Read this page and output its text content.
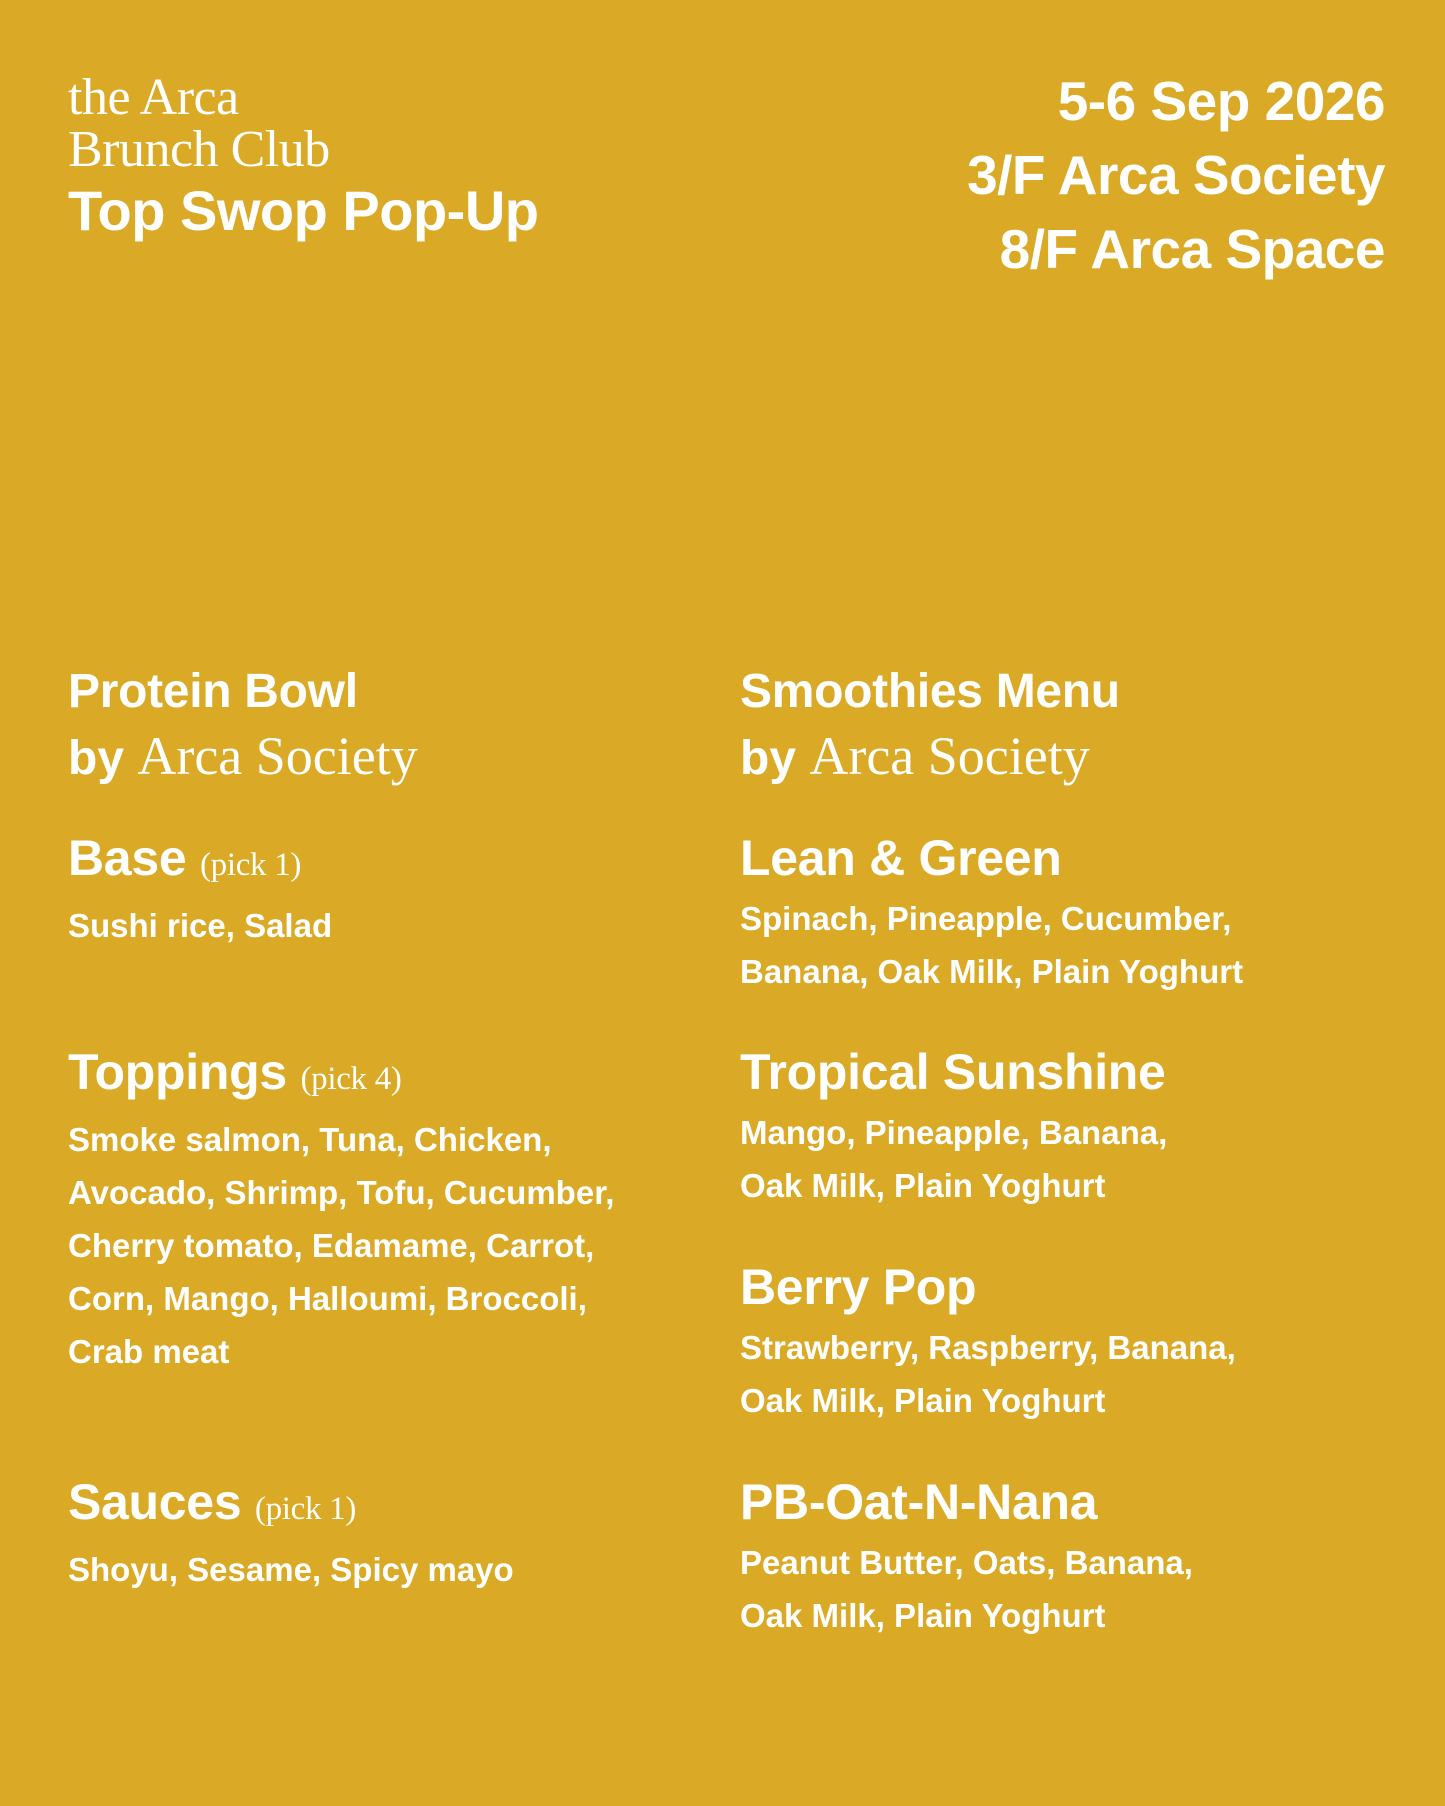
the Arca
Brunch Club
Top Swop Pop-Up
5-6 Sep 2026
3/F Arca Society
8/F Arca Space
Protein Bowl
by Arca Society
Base (pick 1)
Sushi rice, Salad
Toppings (pick 4)
Smoke salmon, Tuna, Chicken,
Avocado, Shrimp, Tofu, Cucumber,
Cherry tomato, Edamame, Carrot,
Corn, Mango, Halloumi, Broccoli,
Crab meat
Sauces (pick 1)
Shoyu, Sesame, Spicy mayo
Smoothies Menu
by Arca Society
Lean & Green
Spinach, Pineapple, Cucumber,
Banana, Oak Milk, Plain Yoghurt
Tropical Sunshine
Mango, Pineapple, Banana,
Oak Milk, Plain Yoghurt
Berry Pop
Strawberry, Raspberry, Banana,
Oak Milk, Plain Yoghurt
PB-Oat-N-Nana
Peanut Butter, Oats, Banana,
Oak Milk, Plain Yoghurt
